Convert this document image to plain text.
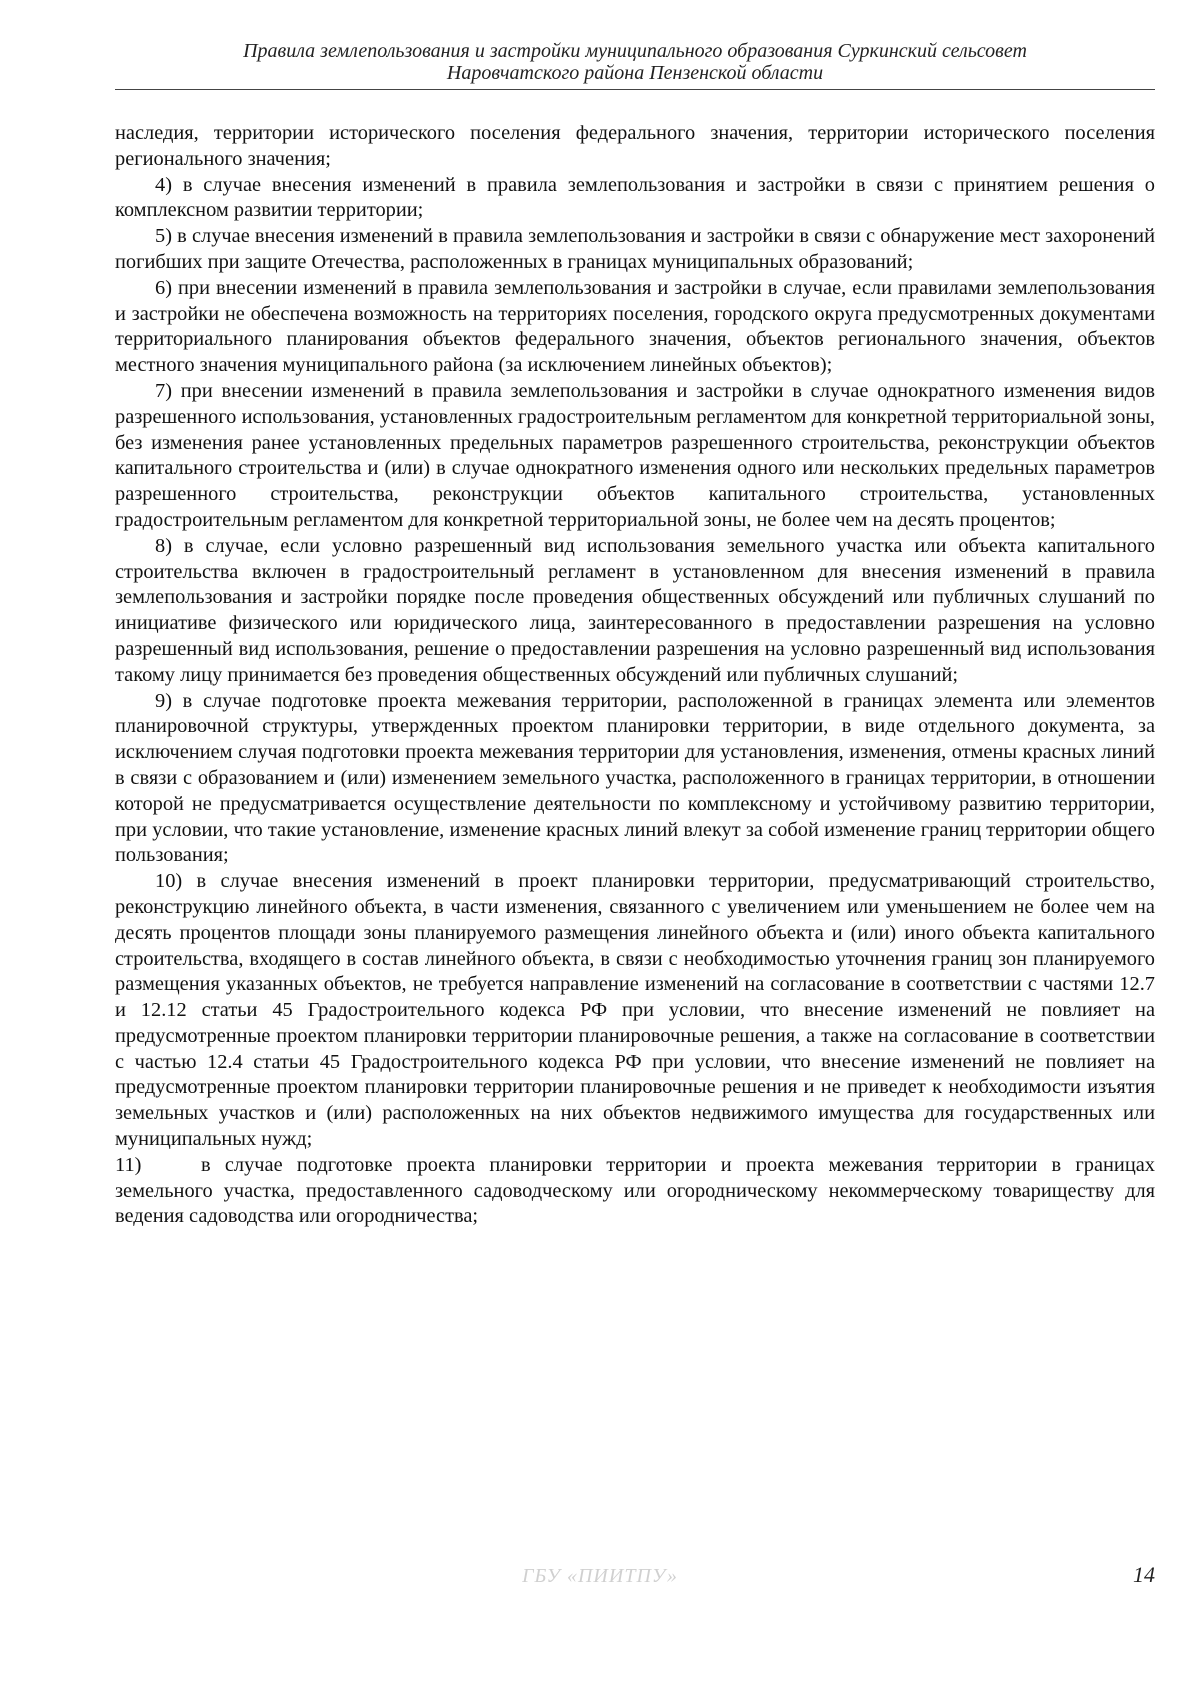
Правила землепользования и застройки муниципального образования Суркинский сельсовет
Наровчатского района Пензенской области

наследия, территории исторического поселения федерального значения, территории исторического поселения регионального значения;

4) в случае внесения изменений в правила землепользования и застройки в связи с принятием решения о комплексном развитии территории;

5) в случае внесения изменений в правила землепользования и застройки в связи с обнаружение мест захоронений погибших при защите Отечества, расположенных в границах муниципальных образований;

6) при внесении изменений в правила землепользования и застройки в случае, если правилами землепользования и застройки не обеспечена возможность на территориях поселения, городского округа предусмотренных документами территориального планирования объектов федерального значения, объектов регионального значения, объектов местного значения муниципального района (за исключением линейных объектов);

7) при внесении изменений в правила землепользования и застройки в случае однократного изменения видов разрешенного использования, установленных градостроительным регламентом для конкретной территориальной зоны, без изменения ранее установленных предельных параметров разрешенного строительства, реконструкции объектов капитального строительства и (или) в случае однократного изменения одного или нескольких предельных параметров разрешенного строительства, реконструкции объектов капитального строительства, установленных градостроительным регламентом для конкретной территориальной зоны, не более чем на десять процентов;

8) в случае, если условно разрешенный вид использования земельного участка или объекта капитального строительства включен в градостроительный регламент в установленном для внесения изменений в правила землепользования и застройки порядке после проведения общественных обсуждений или публичных слушаний по инициативе физического или юридического лица, заинтересованного в предоставлении разрешения на условно разрешенный вид использования, решение о предоставлении разрешения на условно разрешенный вид использования такому лицу принимается без проведения общественных обсуждений или публичных слушаний;

9) в случае подготовке проекта межевания территории, расположенной в границах элемента или элементов планировочной структуры, утвержденных проектом планировки территории, в виде отдельного документа, за исключением случая подготовки проекта межевания территории для установления, изменения, отмены красных линий в связи с образованием и (или) изменением земельного участка, расположенного в границах территории, в отношении которой не предусматривается осуществление деятельности по комплексному и устойчивому развитию территории, при условии, что такие установление, изменение красных линий влекут за собой изменение границ территории общего пользования;

10) в случае внесения изменений в проект планировки территории, предусматривающий строительство, реконструкцию линейного объекта, в части изменения, связанного с увеличением или уменьшением не более чем на десять процентов площади зоны планируемого размещения линейного объекта и (или) иного объекта капитального строительства, входящего в состав линейного объекта, в связи с необходимостью уточнения границ зон планируемого размещения указанных объектов, не требуется направление изменений на согласование в соответствии с частями 12.7 и 12.12 статьи 45 Градостроительного кодекса РФ при условии, что внесение изменений не повлияет на предусмотренные проектом планировки территории планировочные решения, а также на согласование в соответствии с частью 12.4 статьи 45 Градостроительного кодекса РФ при условии, что внесение изменений не повлияет на предусмотренные проектом планировки территории планировочные решения и не приведет к необходимости изъятия земельных участков и (или) расположенных на них объектов недвижимого имущества для государственных или муниципальных нужд;

11)	в случае подготовке проекта планировки территории и проекта межевания территории в границах земельного участка, предоставленного садоводческому или огородническому некоммерческому товариществу для ведения садоводства или огородничества;

ГБУ «ПИИТПУ»	14
